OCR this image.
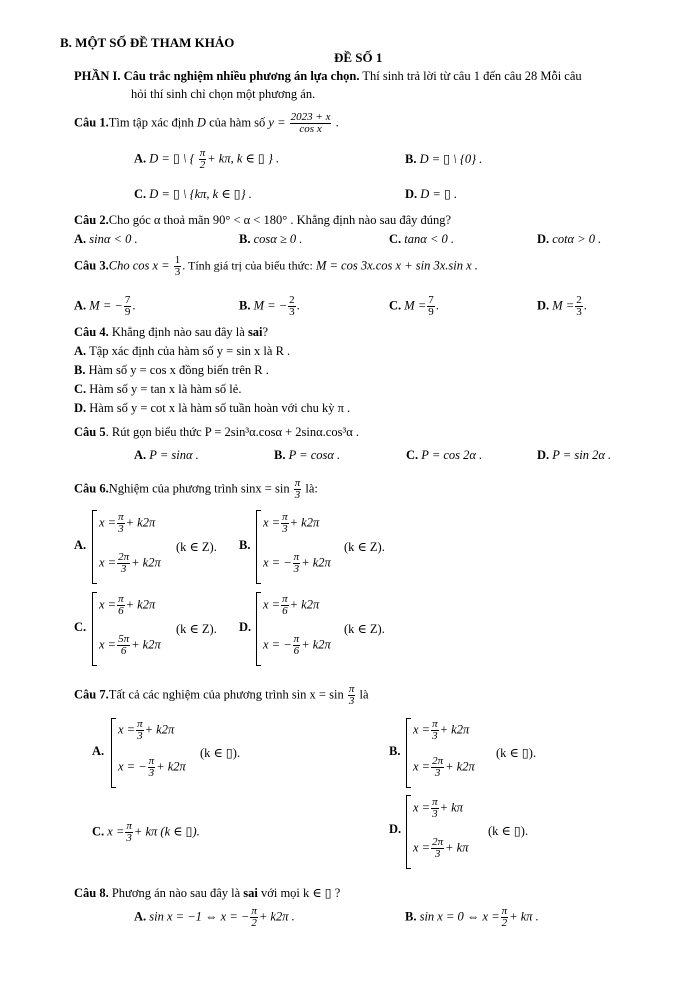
B. MỘT SỐ ĐỀ THAM KHẢO
ĐỀ SỐ 1
PHẦN I. Câu trắc nghiệm nhiều phương án lựa chọn. Thí sinh trả lời từ câu 1 đến câu 28 Mỗi câu
hỏi thí sinh chỉ chọn một phương án.
Câu 1.Tìm tập xác định D của hàm số $y = \frac{2023 + x}{\text{cos x}}$ .
A. D = ▯ \ { $\frac{\pi}{2} + k\pi$, k ∈ ▯ } .	B. D = ▯ \ {0} .
C. D = ▯ \ {kπ, k ∈ ▯} .	D. D = ▯ .
Câu 2.Cho góc α thoả mãn 90° < α < 180° . Khẳng định nào sau đây đúng?
A. sinα < 0 .	B. cosα ≥ 0 .	C. tanα < 0 .	D. cotα > 0 .
Câu 3.Cho $\cos x = \frac{1}{3}$ . Tính giá trị của biểu thức: M = cos 3x.cos x + sin 3x.sin x .
A. M = − $\frac{7}{9}$ .	B. M = − $\frac{2}{3}$ .	C. $M = \frac{7}{9}$ .	D. $M = \frac{2}{3}$ .
Câu 4. Khẳng định nào sau đây là sai?
A. Tập xác định của hàm số y = sin x là R .
B. Hàm số y = cos x đồng biến trên R .
C. Hàm số y = tan x là hàm số lẻ.
D. Hàm số y = cot x là hàm số tuần hoàn với chu kỳ π .
Câu 5. Rút gọn biểu thức P = 2sin³α.cosα + 2sinα.cos³α .
A. P = sinα .	B. P = cosα .	C. P = cos 2α .	D. P = sin 2α .
Câu 6.Nghiệm của phương trình $\sin x = \sin \frac{\pi}{3}$ là:
A.
$x = \frac{\pi}{3} + k2\pi$
$x = \frac{2\pi}{3} + k2\pi$
(k ∈ Z). B.
$x = \frac{\pi}{3} + k2\pi$
x = − $\frac{\pi}{3} + k2\pi$
(k ∈ Z).
C.
$x = \frac{\pi}{6} + k2\pi$
$x = \frac{5\pi}{6} + k2\pi$
(k ∈ Z). D.
$x = \frac{\pi}{6} + k2\pi$
x = − $\frac{\pi}{6} + k2\pi$
(k ∈ Z).
Câu 7.Tất cả các nghiệm của phương trình $\sin x = \sin \frac{\pi}{3}$ là
A.
$x = \frac{\pi}{3} + k2\pi$
x = − $\frac{\pi}{3} + k2\pi$
(k ∈ ▯).	B.
$x = \frac{\pi}{3} + k2\pi$
$x = \frac{2\pi}{3} + k2\pi$
(k ∈ ▯).
C. $x = \frac{\pi}{3} + k\pi$ (k ∈ ▯).	D.
$x = \frac{\pi}{3} + k\pi$
$x = \frac{2\pi}{3} + k\pi$
(k ∈ ▯).
Câu 8. Phương án nào sau đây là sai với mọi k ∈ ▯ ?
A. sin x = −1 ⇔ x = − $\frac{\pi}{2} + k2\pi$ .	B. sin x = 0 ⇔ $x = \frac{\pi}{2} + k\pi$ .
